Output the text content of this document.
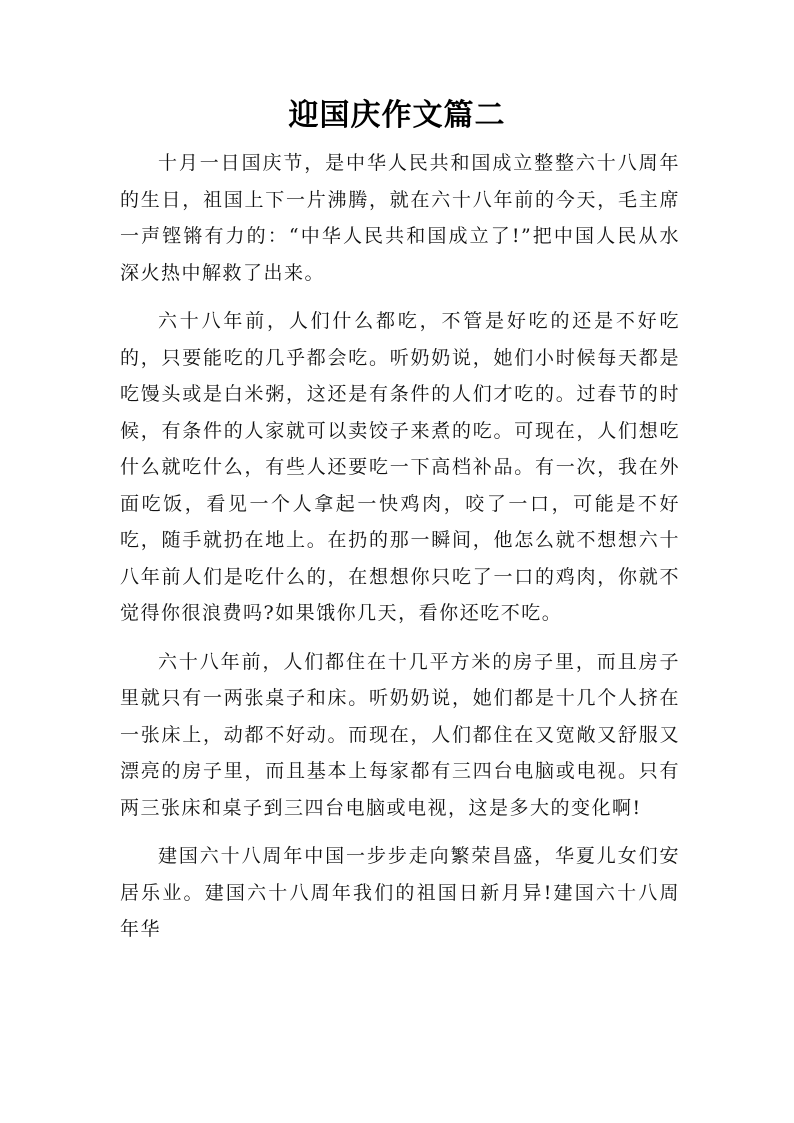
迎国庆作文篇二

十月一日国庆节，是中华人民共和国成立整整六十八周年的生日，祖国上下一片沸腾，就在六十八年前的今天，毛主席一声铿锵有力的：“中华人民共和国成立了!”把中国人民从水深火热中解救了出来。

六十八年前，人们什么都吃，不管是好吃的还是不好吃的，只要能吃的几乎都会吃。听奶奶说，她们小时候每天都是吃馒头或是白米粥，这还是有条件的人们才吃的。过春节的时候，有条件的人家就可以卖饺子来煮的吃。可现在，人们想吃什么就吃什么，有些人还要吃一下高档补品。有一次，我在外面吃饭，看见一个人拿起一快鸡肉，咬了一口，可能是不好吃，随手就扔在地上。在扔的那一瞬间，他怎么就不想想六十八年前人们是吃什么的，在想想你只吃了一口的鸡肉，你就不觉得你很浪费吗?如果饿你几天，看你还吃不吃。

六十八年前，人们都住在十几平方米的房子里，而且房子里就只有一两张桌子和床。听奶奶说，她们都是十几个人挤在一张床上，动都不好动。而现在，人们都住在又宽敞又舒服又漂亮的房子里，而且基本上每家都有三四台电脑或电视。只有两三张床和桌子到三四台电脑或电视，这是多大的变化啊!

建国六十八周年中国一步步走向繁荣昌盛，华夏儿女们安居乐业。建国六十八周年我们的祖国日新月异!建国六十八周年华
